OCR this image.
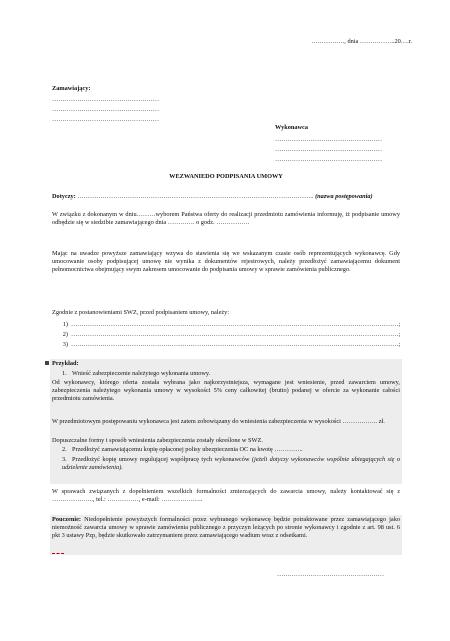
……………., dnia ……………..20….r.
Zamawiający:
……………………………………………
……………………………………………
……………………………………………
Wykonawca
……………………………………………
……………………………………………
……………………………………………
WEZWANIEDO PODPISANIA UMOWY
Dotyczy: ………………………………………………………………………………………………….. (nazwa postępowania)
W związku z dokonanym w dniu………wyborem Państwa oferty do realizacji przedmiotu zamówienia informuję, iż podpisanie umowy odbędzie się w siedzibie zamawiającego dnia …………. o godz. …………….
Mając na uwadze powyższe zamawiający wzywa do stawienia się we wskazanym czasie osób reprezentujących wykonawcę. Gdy umocowanie osoby podpisującej umowę nie wynika z dokumentów rejestrowych, należy przedłożyć zamawiającemu dokument pełnomocnictwa obejmujący swym zakresem umocowanie do podpisania umowy w sprawie zamówienia publicznego.
Zgodnie z postanowieniami SWZ, przed podpisaniem umowy, należy:
1) …………………………………………………………………………………………………………………………………………;
2) …………………………………………………………………………………………………………………………………………;
3) …………………………………………………………………………………………………………………………………………;
Przykład:
1. Wnieść zabezpieczenie należytego wykonania umowy.
Od wykonawcy, którego oferta została wybrana jako najkorzystniejsza, wymagane jest wniesienie, przed zawarciem umowy, zabezpieczenia należytego wykonania umowy w wysokości 5% ceny całkowitej (brutto) podanej w ofercie za wykonanie całości przedmiotu zamówienia.
W przedmiotowym postępowaniu wykonawca jest zatem zobowiązany do wniesienia zabezpieczenia w wysokości …………….. zł.
Dopuszczalne formy i sposób wniesienia zabezpieczenia zostały określone w SWZ.
2. Przedłożyć zamawiającemu kopię opłaconej polisy ubezpieczenia OC na kwotę …………..
3. Przedłożyć kopię umowy regulującej współpracę tych wykonawców (jeżeli dotyczy wykonawców wspólnie ubiegających się o udzielenie zamówienia).
W sprawach związanych z dopełnieniem wszelkich formalności zmierzających do zawarcia umowy, należy kontaktować się z ……………….., tel.: ……………, e-mail: ………………..
Pouczenie: Niedopełnienie powyższych formalności przez wybranego wykonawcę będzie potraktowane przez zamawiającego jako niemożność zawarcia umowy w sprawie zamówienia publicznego z przyczyn leżących po stronie wykonawcy i zgodnie z art. 98 ust. 6 pkt 3 ustawy Pzp, będzie skutkowało zatrzymaniem przez zamawiającego wadium wraz z odsetkami.
……………………………………………
